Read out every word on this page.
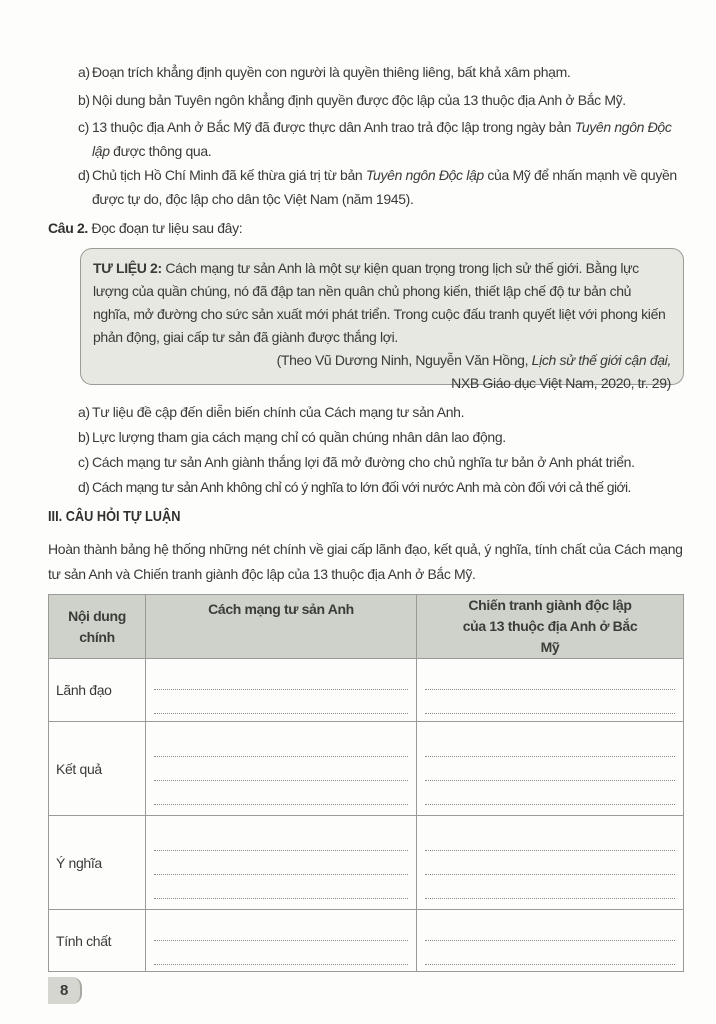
a) Đoạn trích khẳng định quyền con người là quyền thiêng liêng, bất khả xâm phạm.
b) Nội dung bản Tuyên ngôn khẳng định quyền được độc lập của 13 thuộc địa Anh ở Bắc Mỹ.
c) 13 thuộc địa Anh ở Bắc Mỹ đã được thực dân Anh trao trả độc lập trong ngày bản Tuyên ngôn Độc lập được thông qua.
d) Chủ tịch Hồ Chí Minh đã kế thừa giá trị từ bản Tuyên ngôn Độc lập của Mỹ để nhấn mạnh về quyền được tự do, độc lập cho dân tộc Việt Nam (năm 1945).
Câu 2. Đọc đoạn tư liệu sau đây:
TƯ LIỆU 2: Cách mạng tư sản Anh là một sự kiện quan trọng trong lịch sử thế giới. Bằng lực lượng của quần chúng, nó đã đập tan nền quân chủ phong kiến, thiết lập chế độ tư bản chủ nghĩa, mở đường cho sức sản xuất mới phát triển. Trong cuộc đấu tranh quyết liệt với phong kiến phản động, giai cấp tư sản đã giành được thắng lợi.
(Theo Vũ Dương Ninh, Nguyễn Văn Hồng, Lịch sử thế giới cận đại,
NXB Giáo dục Việt Nam, 2020, tr. 29)
a) Tư liệu đề cập đến diễn biến chính của Cách mạng tư sản Anh.
b) Lực lượng tham gia cách mạng chỉ có quần chúng nhân dân lao động.
c) Cách mạng tư sản Anh giành thắng lợi đã mở đường cho chủ nghĩa tư bản ở Anh phát triển.
d) Cách mạng tư sản Anh không chỉ có ý nghĩa to lớn đối với nước Anh mà còn đối với cả thế giới.
III. CÂU HỎI TỰ LUẬN
Hoàn thành bảng hệ thống những nét chính về giai cấp lãnh đạo, kết quả, ý nghĩa, tính chất của Cách mạng tư sản Anh và Chiến tranh giành độc lập của 13 thuộc địa Anh ở Bắc Mỹ.
Nội dung chính	Cách mạng tư sản Anh	Chiến tranh giành độc lập của 13 thuộc địa Anh ở Bắc Mỹ
Lãnh đạo	

Kết quả	

Ý nghĩa	

Tính chất	

8
